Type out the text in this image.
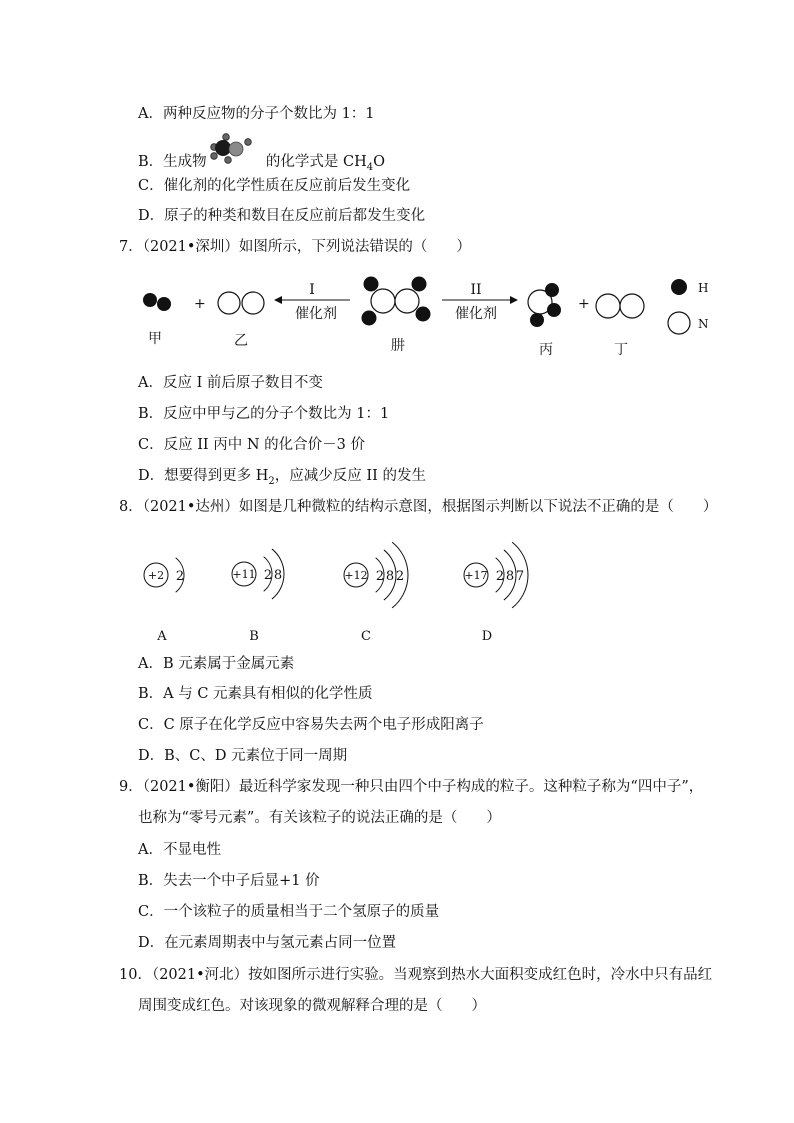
A．两种反应物的分子个数比为 1：1
B．生成物	的化学式是 $CH_4O$
C．催化剂的化学性质在反应前后发生变化
D．原子的种类和数目在反应前后都发生变化
7．（2021•深圳）如图所示，下列说法错误的（　　）
+
I
催化剂
II
催化剂
+
H
N
甲	乙	肼	丙	丁
A．反应 I 前后原子数目不变
B．反应中甲与乙的分子个数比为 1：1
C．反应 II 丙中 N 的化合价－3 价
D．想要得到更多 $H_2$，应减少反应 II 的发生
8．（2021•达州）如图是几种微粒的结构示意图，根据图示判断以下说法不正确的是（　　）
+2 2
A
+11 2 8
B
+12 2 8 2
C
+17 2 8 7
D
A．B 元素属于金属元素
B．A 与 C 元素具有相似的化学性质
C．C 原子在化学反应中容易失去两个电子形成阳离子
D．B、C、D 元素位于同一周期
9．（2021•衡阳）最近科学家发现一种只由四个中子构成的粒子。这种粒子称为“四中子”，
也称为“零号元素”。有关该粒子的说法正确的是（　　）
A．不显电性
B．失去一个中子后显+1 价
C．一个该粒子的质量相当于二个氢原子的质量
D．在元素周期表中与氢元素占同一位置
10．（2021•河北）按如图所示进行实验。当观察到热水大面积变成红色时，冷水中只有品红
周围变成红色。对该现象的微观解释合理的是（　　）
